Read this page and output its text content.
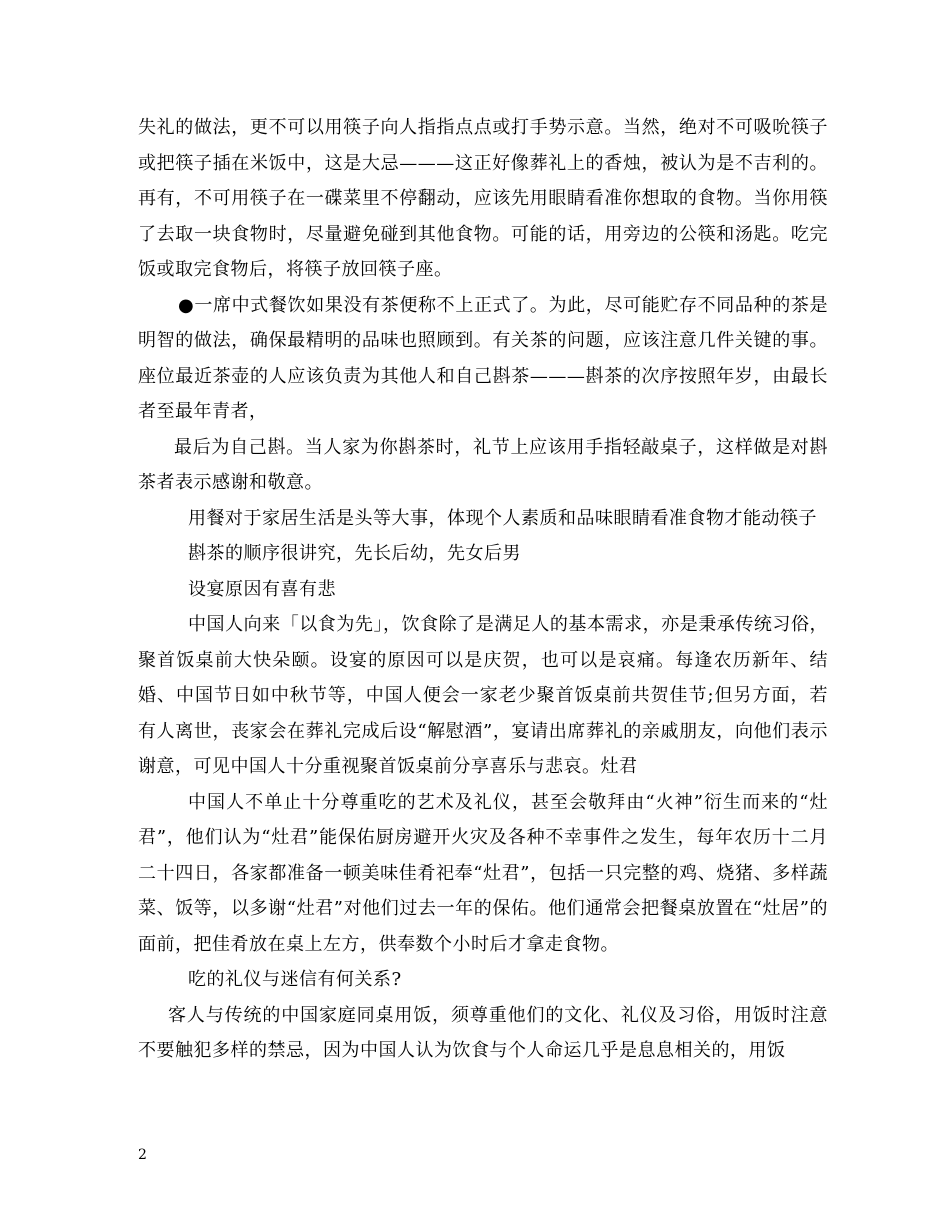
失礼的做法，更不可以用筷子向人指指点点或打手势示意。当然，绝对不可吸吮筷子或把筷子插在米饭中，这是大忌———这正好像葬礼上的香烛，被认为是不吉利的。再有，不可用筷子在一碟菜里不停翻动，应该先用眼睛看准你想取的食物。当你用筷了去取一块食物时，尽量避免碰到其他食物。可能的话，用旁边的公筷和汤匙。吃完饭或取完食物后，将筷子放回筷子座。

●一席中式餐饮如果没有茶便称不上正式了。为此，尽可能贮存不同品种的茶是明智的做法，确保最精明的品味也照顾到。有关茶的问题，应该注意几件关键的事。座位最近茶壶的人应该负责为其他人和自己斟茶———斟茶的次序按照年岁，由最长者至最年青者，

最后为自己斟。当人家为你斟茶时，礼节上应该用手指轻敲桌子，这样做是对斟茶者表示感谢和敬意。

用餐对于家居生活是头等大事，体现个人素质和品味眼睛看准食物才能动筷子

斟茶的顺序很讲究，先长后幼，先女后男

设宴原因有喜有悲

中国人向来「以食为先」，饮食除了是满足人的基本需求，亦是秉承传统习俗，聚首饭桌前大快朵颐。设宴的原因可以是庆贺，也可以是哀痛。每逢农历新年、结婚、中国节日如中秋节等，中国人便会一家老少聚首饭桌前共贺佳节;但另方面，若有人离世，丧家会在葬礼完成后设“解慰酒”，宴请出席葬礼的亲戚朋友，向他们表示谢意，可见中国人十分重视聚首饭桌前分享喜乐与悲哀。灶君

中国人不单止十分尊重吃的艺术及礼仪，甚至会敬拜由“火神”衍生而来的“灶君”，他们认为“灶君”能保佑厨房避开火灾及各种不幸事件之发生，每年农历十二月二十四日，各家都准备一顿美味佳肴祀奉“灶君”，包括一只完整的鸡、烧猪、多样蔬菜、饭等，以多谢“灶君”对他们过去一年的保佑。他们通常会把餐桌放置在“灶居”的面前，把佳肴放在桌上左方，供奉数个小时后才拿走食物。

吃的礼仪与迷信有何关系?

客人与传统的中国家庭同桌用饭，须尊重他们的文化、礼仪及习俗，用饭时注意不要触犯多样的禁忌，因为中国人认为饮食与个人命运几乎是息息相关的，用饭

2
